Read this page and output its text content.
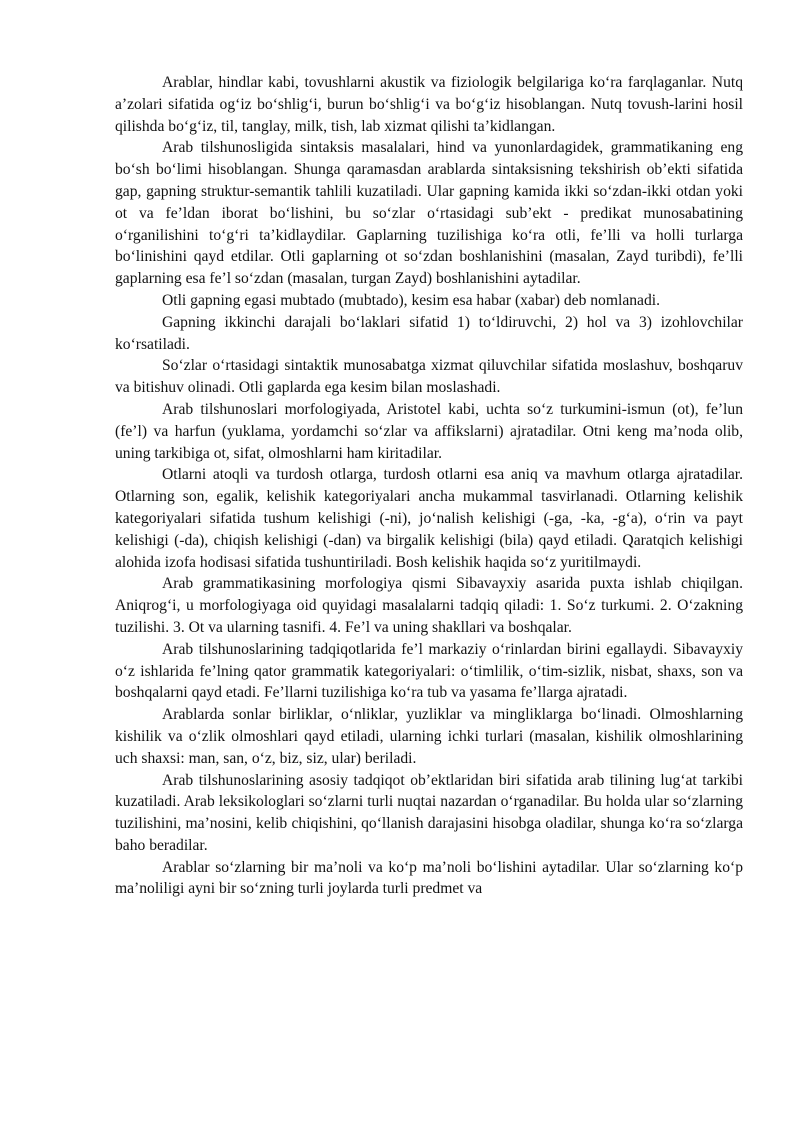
Arablar, hindlar kabi, tovushlarni akustik va fiziologik belgilariga ko‘ra farqlaganlar. Nutq a’zolari sifatida og‘iz bo‘shlig‘i, burun bo‘shlig‘i va bo‘g‘iz hisoblangan. Nutq tovush-larini hosil qilishda bo‘g‘iz, til, tanglay, milk, tish, lab xizmat qilishi ta’kidlangan.

Arab tilshunosligida sintaksis masalalari, hind va yunonlardagidek, grammatikaning eng bo‘sh bo‘limi hisoblangan. Shunga qaramasdan arablarda sintaksisning tekshirish ob’ekti sifatida gap, gapning struktur-semantik tahlili kuzatiladi. Ular gapning kamida ikki so‘zdan-ikki otdan yoki ot va fe’ldan iborat bo‘lishini, bu so‘zlar o‘rtasidagi sub’ekt - predikat munosabatining o‘rganilishini to‘g‘ri ta’kidlaydilar. Gaplarning tuzilishiga ko‘ra otli, fe’lli va holli turlarga bo‘linishini qayd etdilar. Otli gaplarning ot so‘zdan boshlanishini (masalan, Zayd turibdi), fe’lli gaplarning esa fe’l so‘zdan (masalan, turgan Zayd) boshlanishini aytadilar.

Otli gapning egasi mubtado (mubtado), kesim esa habar (xabar) deb nomlanadi.

Gapning ikkinchi darajali bo‘laklari sifatid 1) to‘ldiruvchi, 2) hol va 3) izohlovchilar ko‘rsatiladi.

So‘zlar o‘rtasidagi sintaktik munosabatga xizmat qiluvchilar sifatida moslashuv, boshqaruv va bitishuv olinadi. Otli gaplarda ega kesim bilan moslashadi.

Arab tilshunoslari morfologiyada, Aristotel kabi, uchta so‘z turkumini-ismun (ot), fe’lun (fe’l) va harfun (yuklama, yordamchi so‘zlar va affikslarni) ajratadilar. Otni keng ma’noda olib, uning tarkibiga ot, sifat, olmoshlarni ham kiritadilar.

Otlarni atoqli va turdosh otlarga, turdosh otlarni esa aniq va mavhum otlarga ajratadilar. Otlarning son, egalik, kelishik kategoriyalari ancha mukammal tasvirlanadi. Otlarning kelishik kategoriyalari sifatida tushum kelishigi (-ni), jo‘nalish kelishigi (-ga, -ka, -g‘a), o‘rin va payt kelishigi (-da), chiqish kelishigi (-dan) va birgalik kelishigi (bila) qayd etiladi. Qaratqich kelishigi alohida izofa hodisasi sifatida tushuntiriladi. Bosh kelishik haqida so‘z yuritilmaydi.

Arab grammatikasining morfologiya qismi Sibavayxiy asarida puxta ishlab chiqilgan. Aniqrog‘i, u morfologiyaga oid quyidagi masalalarni tadqiq qiladi: 1. So‘z turkumi. 2. O‘zakning tuzilishi. 3. Ot va ularning tasnifi. 4. Fe’l va uning shakllari va boshqalar.

Arab tilshunoslarining tadqiqotlarida fe’l markaziy o‘rinlardan birini egallaydi. Sibavayxiy o‘z ishlarida fe’lning qator grammatik kategoriyalari: o‘timlilik, o‘tim-sizlik, nisbat, shaxs, son va boshqalarni qayd etadi. Fe’llarni tuzilishiga ko‘ra tub va yasama fe’llarga ajratadi.

Arablarda sonlar birliklar, o‘nliklar, yuzliklar va mingliklarga bo‘linadi. Olmoshlarning kishilik va o‘zlik olmoshlari qayd etiladi, ularning ichki turlari (masalan, kishilik olmoshlarining uch shaxsi: man, san, o‘z, biz, siz, ular) beriladi.

Arab tilshunoslarining asosiy tadqiqot ob’ektlaridan biri sifatida arab tilining lug‘at tarkibi kuzatiladi. Arab leksikologlari so‘zlarni turli nuqtai nazardan o‘rganadilar. Bu holda ular so‘zlarning tuzilishini, ma’nosini, kelib chiqishini, qo‘llanish darajasini hisobga oladilar, shunga ko‘ra so‘zlarga baho beradilar.

Arablar so‘zlarning bir ma’noli va ko‘p ma’noli bo‘lishini aytadilar. Ular so‘zlarning ko‘p ma’noliligi ayni bir so‘zning turli joylarda turli predmet va
